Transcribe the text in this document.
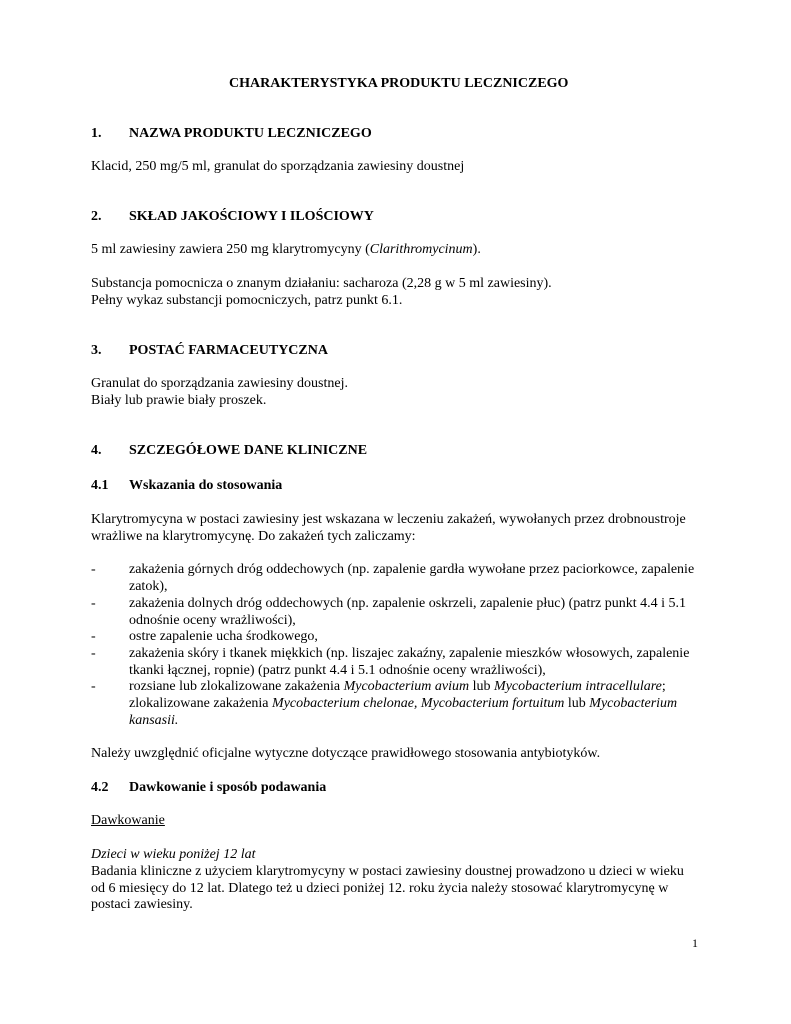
CHARAKTERYSTYKA PRODUKTU LECZNICZEGO
1. NAZWA PRODUKTU LECZNICZEGO
Klacid, 250 mg/5 ml, granulat do sporządzania zawiesiny doustnej
2. SKŁAD JAKOŚCIOWY I ILOŚCIOWY
5 ml zawiesiny zawiera 250 mg klarytromycyny (Clarithromycinum).
Substancja pomocnicza o znanym działaniu: sacharoza (2,28 g w 5 ml zawiesiny).
Pełny wykaz substancji pomocniczych, patrz punkt 6.1.
3. POSTAĆ FARMACEUTYCZNA
Granulat do sporządzania zawiesiny doustnej.
Biały lub prawie biały proszek.
4. SZCZEGÓŁOWE DANE KLINICZNE
4.1 Wskazania do stosowania
Klarytromycyna w postaci zawiesiny jest wskazana w leczeniu zakażeń, wywołanych przez drobnoustroje
wrażliwe na klarytromycynę. Do zakażeń tych zaliczamy:
- zakażenia górnych dróg oddechowych (np. zapalenie gardła wywołane przez paciorkowce, zapalenie
zatok),
- zakażenia dolnych dróg oddechowych (np. zapalenie oskrzeli, zapalenie płuc) (patrz punkt 4.4 i 5.1
odnośnie oceny wrażliwości),
- ostre zapalenie ucha środkowego,
- zakażenia skóry i tkanek miękkich (np. liszajec zakaźny, zapalenie mieszków włosowych, zapalenie
tkanki łącznej, ropnie) (patrz punkt 4.4 i 5.1 odnośnie oceny wrażliwości),
- rozsiane lub zlokalizowane zakażenia Mycobacterium avium lub Mycobacterium intracellulare;
zlokalizowane zakażenia Mycobacterium chelonae, Mycobacterium fortuitum lub Mycobacterium
kansasii.
Należy uwzględnić oficjalne wytyczne dotyczące prawidłowego stosowania antybiotyków.
4.2 Dawkowanie i sposób podawania
Dawkowanie
Dzieci w wieku poniżej 12 lat
Badania kliniczne z użyciem klarytromycyny w postaci zawiesiny doustnej prowadzono u dzieci w wieku
od 6 miesięcy do 12 lat. Dlatego też u dzieci poniżej 12. roku życia należy stosować klarytromycynę w
postaci zawiesiny.
1
